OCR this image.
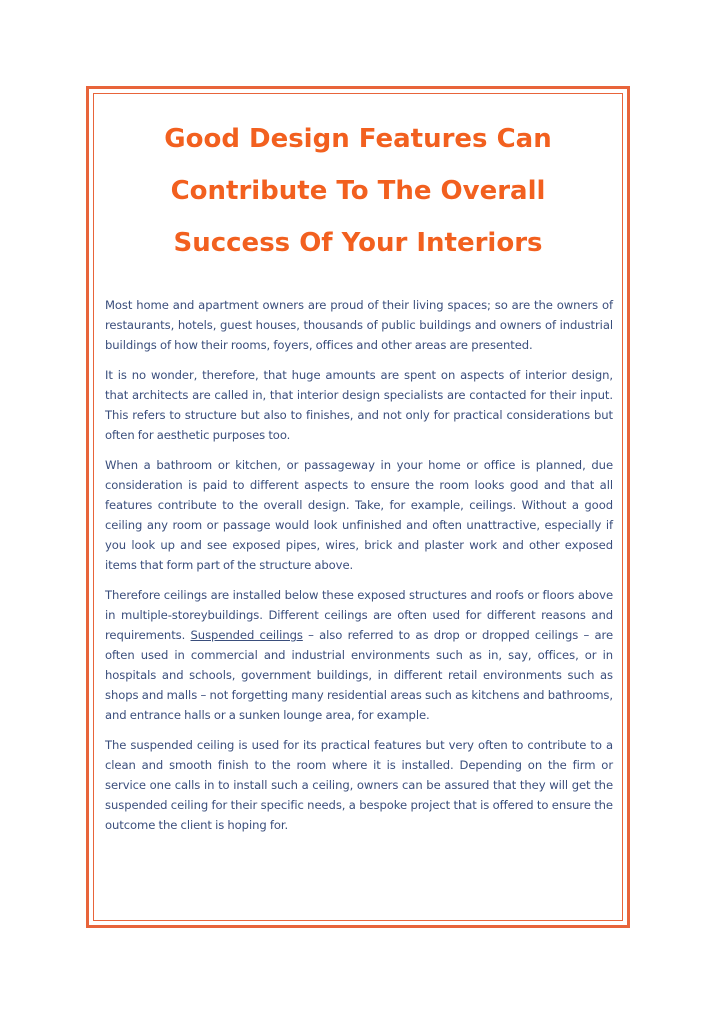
Good Design Features Can Contribute To The Overall Success Of Your Interiors

Most home and apartment owners are proud of their living spaces; so are the owners of restaurants, hotels, guest houses, thousands of public buildings and owners of industrial buildings of how their rooms, foyers, offices and other areas are presented.

It is no wonder, therefore, that huge amounts are spent on aspects of interior design, that architects are called in, that interior design specialists are contacted for their input. This refers to structure but also to finishes, and not only for practical considerations but often for aesthetic purposes too.

When a bathroom or kitchen, or passageway in your home or office is planned, due consideration is paid to different aspects to ensure the room looks good and that all features contribute to the overall design. Take, for example, ceilings. Without a good ceiling any room or passage would look unfinished and often unattractive, especially if you look up and see exposed pipes, wires, brick and plaster work and other exposed items that form part of the structure above.

Therefore ceilings are installed below these exposed structures and roofs or floors above in multiple-storeybuildings. Different ceilings are often used for different reasons and requirements. Suspended ceilings – also referred to as drop or dropped ceilings – are often used in commercial and industrial environments such as in, say, offices, or in hospitals and schools, government buildings, in different retail environments such as shops and malls – not forgetting many residential areas such as kitchens and bathrooms, and entrance halls or a sunken lounge area, for example.

The suspended ceiling is used for its practical features but very often to contribute to a clean and smooth finish to the room where it is installed. Depending on the firm or service one calls in to install such a ceiling, owners can be assured that they will get the suspended ceiling for their specific needs, a bespoke project that is offered to ensure the outcome the client is hoping for.
